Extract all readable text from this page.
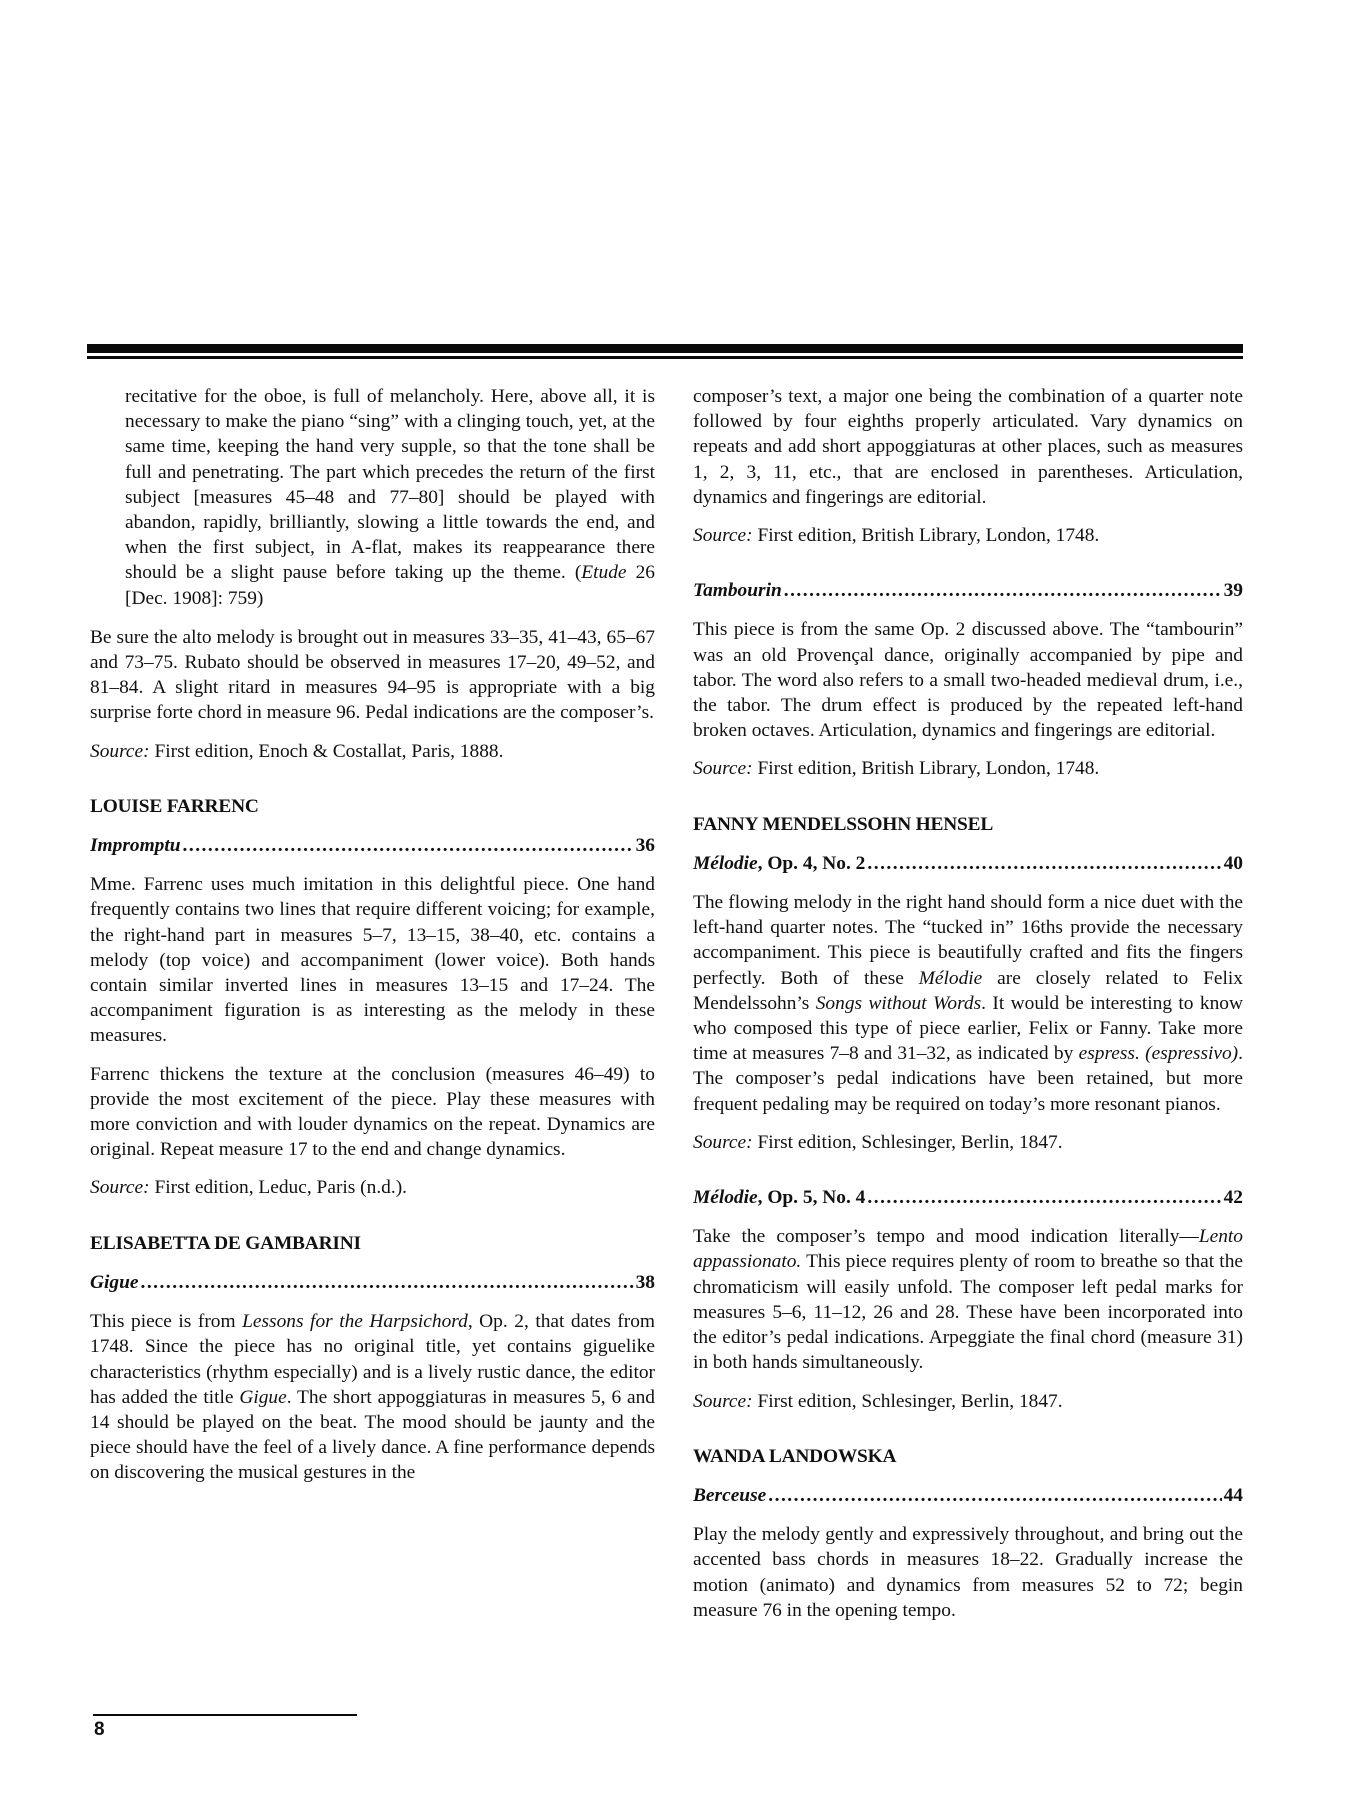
recitative for the oboe, is full of melancholy. Here, above all, it is necessary to make the piano “sing” with a clinging touch, yet, at the same time, keeping the hand very supple, so that the tone shall be full and penetrating. The part which precedes the return of the first subject [measures 45–48 and 77–80] should be played with abandon, rapidly, brilliantly, slowing a little towards the end, and when the first subject, in A-flat, makes its reappearance there should be a slight pause before taking up the theme. (Etude 26 [Dec. 1908]: 759)

Be sure the alto melody is brought out in measures 33–35, 41–43, 65–67 and 73–75. Rubato should be observed in measures 17–20, 49–52, and 81–84. A slight ritard in measures 94–95 is appropriate with a big surprise forte chord in measure 96. Pedal indications are the composer’s.

Source: First edition, Enoch & Costallat, Paris, 1888.

LOUISE FARRENC
Impromptu .....	36

Mme. Farrenc uses much imitation in this delightful piece. One hand frequently contains two lines that require different voicing; for example, the right-hand part in measures 5–7, 13–15, 38–40, etc. contains a melody (top voice) and accompaniment (lower voice). Both hands contain similar inverted lines in measures 13–15 and 17–24. The accompaniment figuration is as interesting as the melody in these measures.

Farrenc thickens the texture at the conclusion (measures 46–49) to provide the most excitement of the piece. Play these measures with more conviction and with louder dynamics on the repeat. Dynamics are original. Repeat measure 17 to the end and change dynamics.

Source: First edition, Leduc, Paris (n.d.).

ELISABETTA DE GAMBARINI
Gigue .....	38

This piece is from Lessons for the Harpsichord, Op. 2, that dates from 1748. Since the piece has no original title, yet contains giguelike characteristics (rhythm especially) and is a lively rustic dance, the editor has added the title Gigue. The short appoggiaturas in measures 5, 6 and 14 should be played on the beat. The mood should be jaunty and the piece should have the feel of a lively dance. A fine performance depends on discovering the musical gestures in the

composer’s text, a major one being the combination of a quarter note followed by four eighths properly articulated. Vary dynamics on repeats and add short appoggiaturas at other places, such as measures 1, 2, 3, 11, etc., that are enclosed in parentheses. Articulation, dynamics and fingerings are editorial.

Source: First edition, British Library, London, 1748.

Tambourin .....	39

This piece is from the same Op. 2 discussed above. The “tambourin” was an old Provençal dance, originally accompanied by pipe and tabor. The word also refers to a small two-headed medieval drum, i.e., the tabor. The drum effect is produced by the repeated left-hand broken octaves. Articulation, dynamics and fingerings are editorial.

Source: First edition, British Library, London, 1748.

FANNY MENDELSSOHN HENSEL
Mélodie , Op. 4, No. 2 .....	40

The flowing melody in the right hand should form a nice duet with the left-hand quarter notes. The “tucked in” 16ths provide the necessary accompaniment. This piece is beautifully crafted and fits the fingers perfectly. Both of these Mélodie are closely related to Felix Mendelssohn’s Songs without Words. It would be interesting to know who composed this type of piece earlier, Felix or Fanny. Take more time at measures 7–8 and 31–32, as indicated by espress. (espressivo). The composer’s pedal indications have been retained, but more frequent pedaling may be required on today’s more resonant pianos.

Source: First edition, Schlesinger, Berlin, 1847.

Mélodie , Op. 5, No. 4 .....	42

Take the composer’s tempo and mood indication literally—Lento appassionato. This piece requires plenty of room to breathe so that the chromaticism will easily unfold. The composer left pedal marks for measures 5–6, 11–12, 26 and 28. These have been incorporated into the editor’s pedal indications. Arpeggiate the final chord (measure 31) in both hands simultaneously.

Source: First edition, Schlesinger, Berlin, 1847.

WANDA LANDOWSKA
Berceuse .....	44

Play the melody gently and expressively throughout, and bring out the accented bass chords in measures 18–22. Gradually increase the motion (animato) and dynamics from measures 52 to 72; begin measure 76 in the opening tempo.

8
